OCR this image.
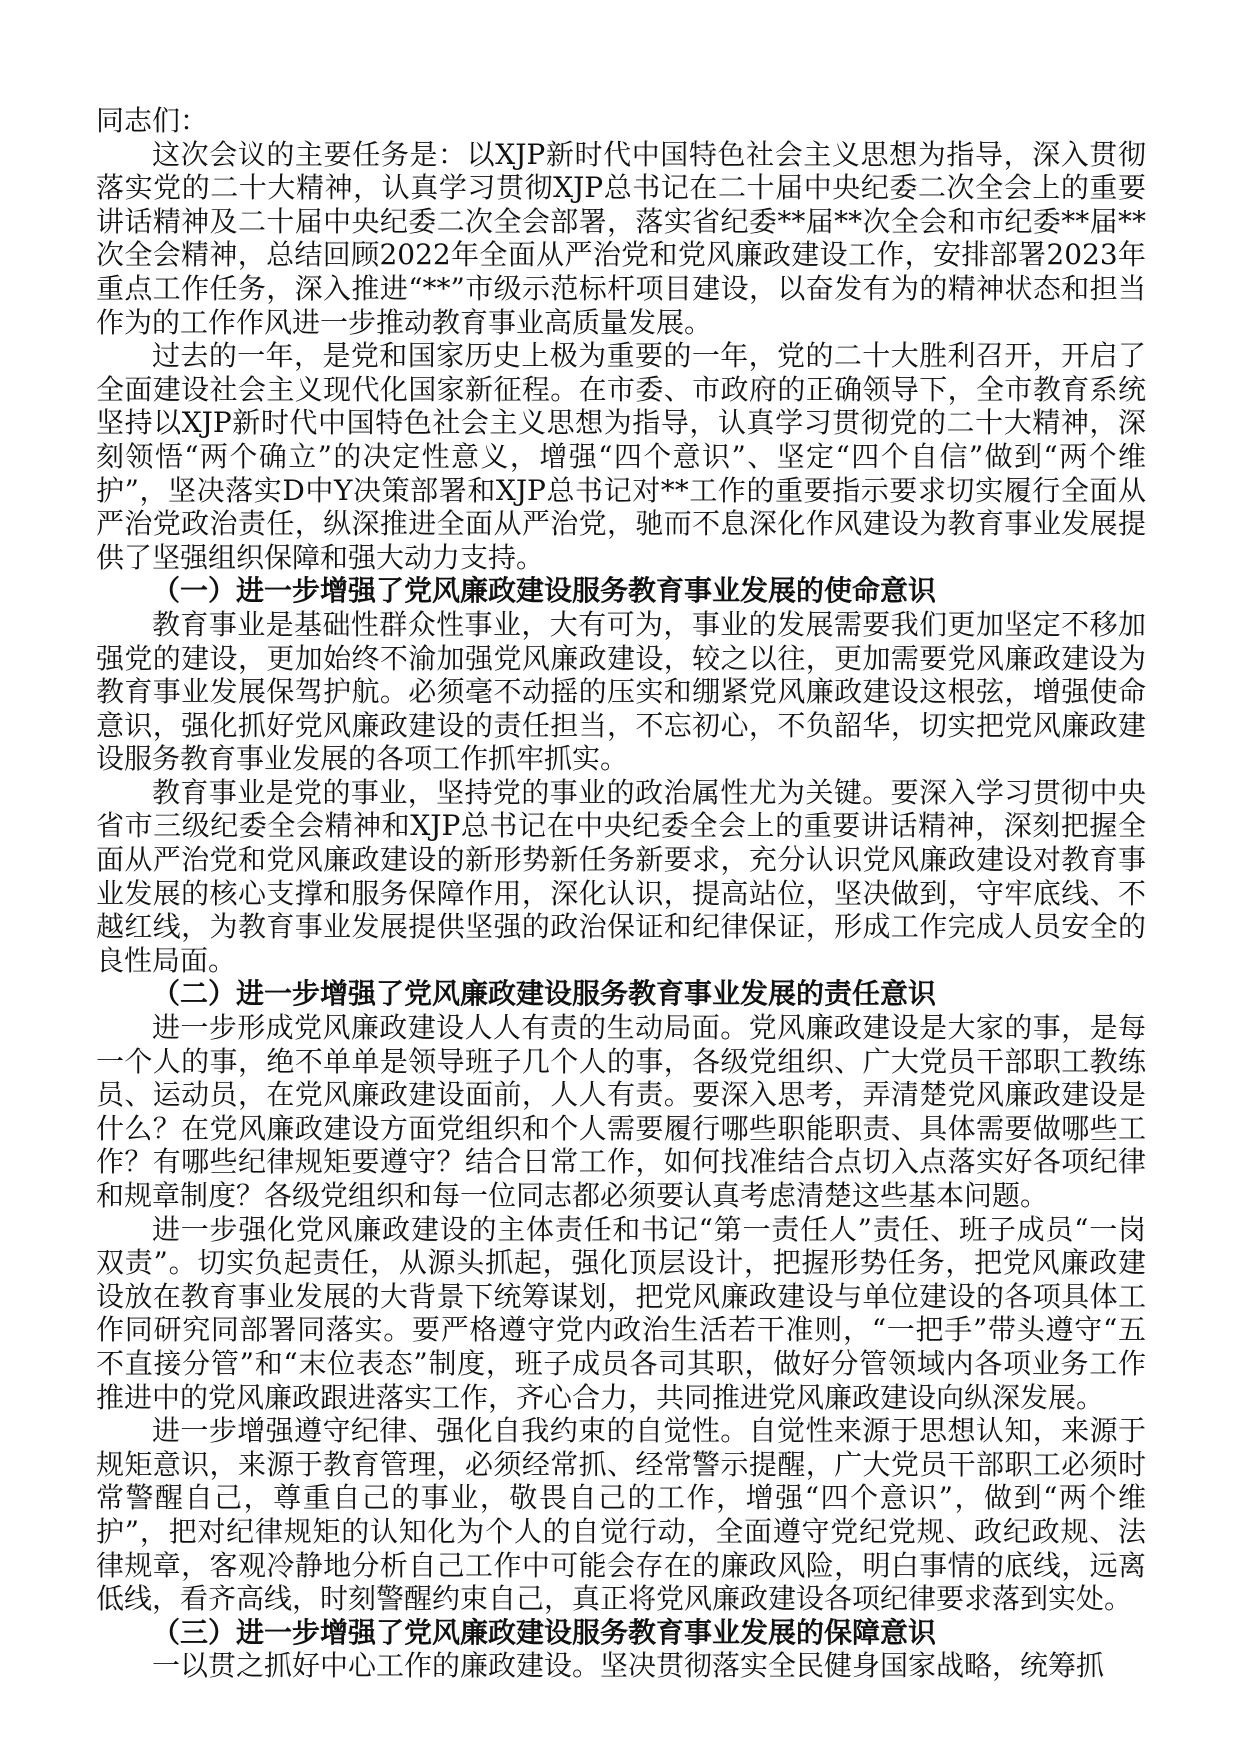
同志们：

这次会议的主要任务是：以XJP新时代中国特色社会主义思想为指导，深入贯彻落实党的二十大精神，认真学习贯彻XJP总书记在二十届中央纪委二次全会上的重要讲话精神及二十届中央纪委二次全会部署，落实省纪委**届**次全会和市纪委**届**次全会精神，总结回顾2022年全面从严治党和党风廉政建设工作，安排部署2023年重点工作任务，深入推进“**”市级示范标杆项目建设，以奋发有为的精神状态和担当作为的工作作风进一步推动教育事业高质量发展。

过去的一年，是党和国家历史上极为重要的一年，党的二十大胜利召开，开启了全面建设社会主义现代化国家新征程。在市委、市政府的正确领导下，全市教育系统坚持以XJP新时代中国特色社会主义思想为指导，认真学习贯彻党的二十大精神，深刻领悟“两个确立”的决定性意义，增强“四个意识”、坚定“四个自信”做到“两个维护”，坚决落实D中Y决策部署和XJP总书记对**工作的重要指示要求切实履行全面从严治党政治责任，纵深推进全面从严治党，驰而不息深化作风建设为教育事业发展提供了坚强组织保障和强大动力支持。

（一）进一步增强了党风廉政建设服务教育事业发展的使命意识

教育事业是基础性群众性事业，大有可为，事业的发展需要我们更加坚定不移加强党的建设，更加始终不渝加强党风廉政建设，较之以往，更加需要党风廉政建设为教育事业发展保驾护航。必须毫不动摇的压实和绷紧党风廉政建设这根弦，增强使命意识，强化抓好党风廉政建设的责任担当，不忘初心，不负韶华，切实把党风廉政建设服务教育事业发展的各项工作抓牢抓实。

教育事业是党的事业，坚持党的事业的政治属性尤为关键。要深入学习贯彻中央省市三级纪委全会精神和XJP总书记在中央纪委全会上的重要讲话精神，深刻把握全面从严治党和党风廉政建设的新形势新任务新要求，充分认识党风廉政建设对教育事业发展的核心支撑和服务保障作用，深化认识，提高站位，坚决做到，守牢底线、不越红线，为教育事业发展提供坚强的政治保证和纪律保证，形成工作完成人员安全的良性局面。

（二）进一步增强了党风廉政建设服务教育事业发展的责任意识

进一步形成党风廉政建设人人有责的生动局面。党风廉政建设是大家的事，是每一个人的事，绝不单单是领导班子几个人的事，各级党组织、广大党员干部职工教练员、运动员，在党风廉政建设面前，人人有责。要深入思考，弄清楚党风廉政建设是什么？在党风廉政建设方面党组织和个人需要履行哪些职能职责、具体需要做哪些工作？有哪些纪律规矩要遵守？结合日常工作，如何找准结合点切入点落实好各项纪律和规章制度？各级党组织和每一位同志都必须要认真考虑清楚这些基本问题。

进一步强化党风廉政建设的主体责任和书记“第一责任人”责任、班子成员“一岗双责”。切实负起责任，从源头抓起，强化顶层设计，把握形势任务，把党风廉政建设放在教育事业发展的大背景下统筹谋划，把党风廉政建设与单位建设的各项具体工作同研究同部署同落实。要严格遵守党内政治生活若干准则，“一把手”带头遵守“五不直接分管”和“末位表态”制度，班子成员各司其职，做好分管领域内各项业务工作推进中的党风廉政跟进落实工作，齐心合力，共同推进党风廉政建设向纵深发展。

进一步增强遵守纪律、强化自我约束的自觉性。自觉性来源于思想认知，来源于规矩意识，来源于教育管理，必须经常抓、经常警示提醒，广大党员干部职工必须时常警醒自己，尊重自己的事业，敬畏自己的工作，增强“四个意识”，做到“两个维护”，把对纪律规矩的认知化为个人的自觉行动，全面遵守党纪党规、政纪政规、法律规章，客观冷静地分析自己工作中可能会存在的廉政风险，明白事情的底线，远离低线，看齐高线，时刻警醒约束自己，真正将党风廉政建设各项纪律要求落到实处。

（三）进一步增强了党风廉政建设服务教育事业发展的保障意识

一以贯之抓好中心工作的廉政建设。坚决贯彻落实全民健身国家战略，统筹抓
